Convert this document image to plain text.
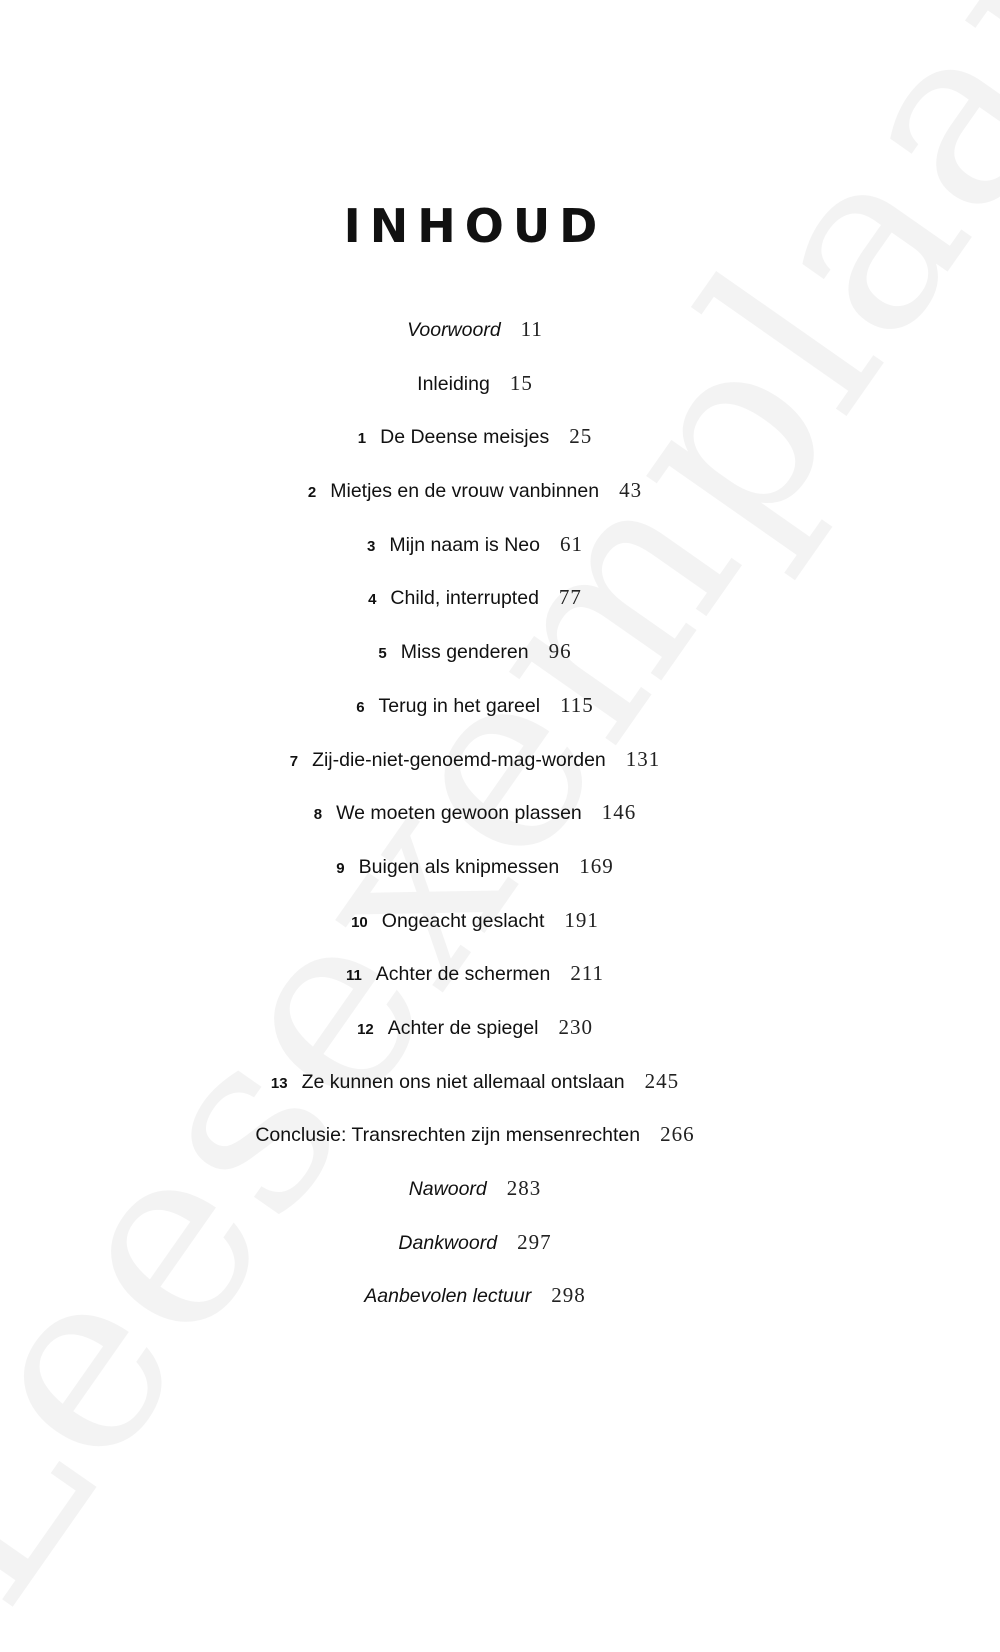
INHOUD
Voorwoord 11
Inleiding 15
1 De Deense meisjes 25
2 Mietjes en de vrouw vanbinnen 43
3 Mijn naam is Neo 61
4 Child, interrupted 77
5 Miss genderen 96
6 Terug in het gareel 115
7 Zij-die-niet-genoemd-mag-worden 131
8 We moeten gewoon plassen 146
9 Buigen als knipmessen 169
10 Ongeacht geslacht 191
11 Achter de schermen 211
12 Achter de spiegel 230
13 Ze kunnen ons niet allemaal ontslaan 245
Conclusie: Transrechten zijn mensenrechten 266
Nawoord 283
Dankwoord 297
Aanbevolen lectuur 298
